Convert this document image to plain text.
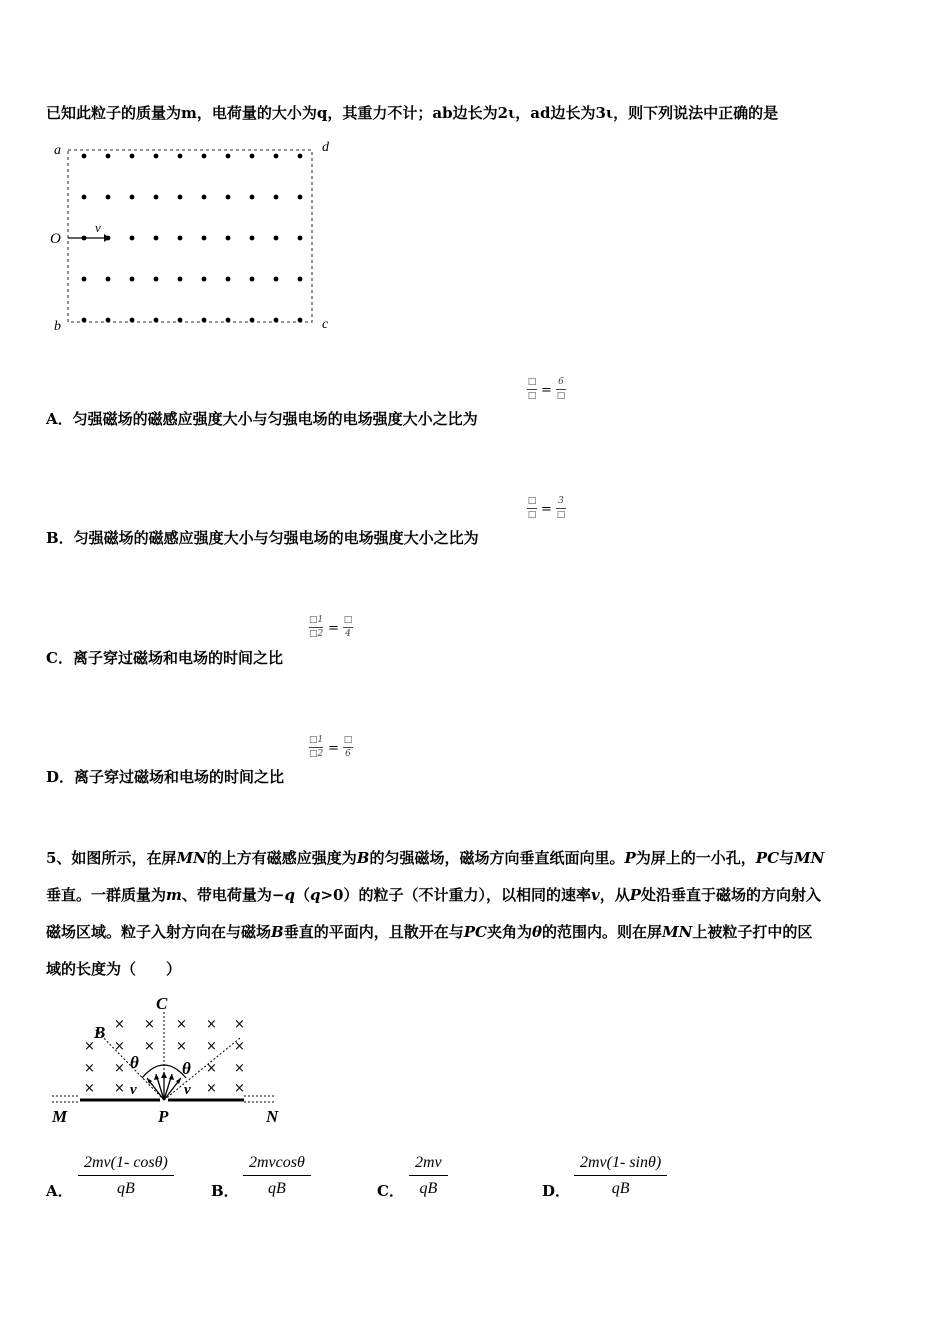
已知此粒子的质量为m，电荷量的大小为q，其重力不计；ab边长为2ι，ad边长为3ι，则下列说法中正确的是
a	d
b	c
O
v
A．匀强磁场的磁感应强度大小与匀强电场的电场强度大小之比为
□
□ =
6
□
B．匀强磁场的磁感应强度大小与匀强电场的电场强度大小之比为
□
□ =
3
□
C．离子穿过磁场和电场的时间之比
□1
□2 =
□
4
D．离子穿过磁场和电场的时间之比
□1
□2 =
□
6
5、如图所示，在屏MN的上方有磁感应强度为B的匀强磁场，磁场方向垂直纸面向里。P为屏上的一小孔，PC与MN
垂直。一群质量为m、带电荷量为−q（q>0）的粒子（不计重力），以相同的速率v，从P处沿垂直于磁场的方向射入
磁场区域。粒子入射方向在与磁场B垂直的平面内，且散开在与PC夹角为θ的范围内。则在屏MN上被粒子打中的区
域的长度为（　　）
× × × × ×
× × × × × ×
× ×	× ×
× ×	× ×
C
B
θ	θ
v	v
M	P	N
A． $\frac{2mv(1- \cos\theta)}{qB}$ B． $\frac{2mvcos\theta}{qB}$	C． $\frac{2mv}{qB}$	D． $\frac{2mv(1- \sin\theta)}{qB}$
